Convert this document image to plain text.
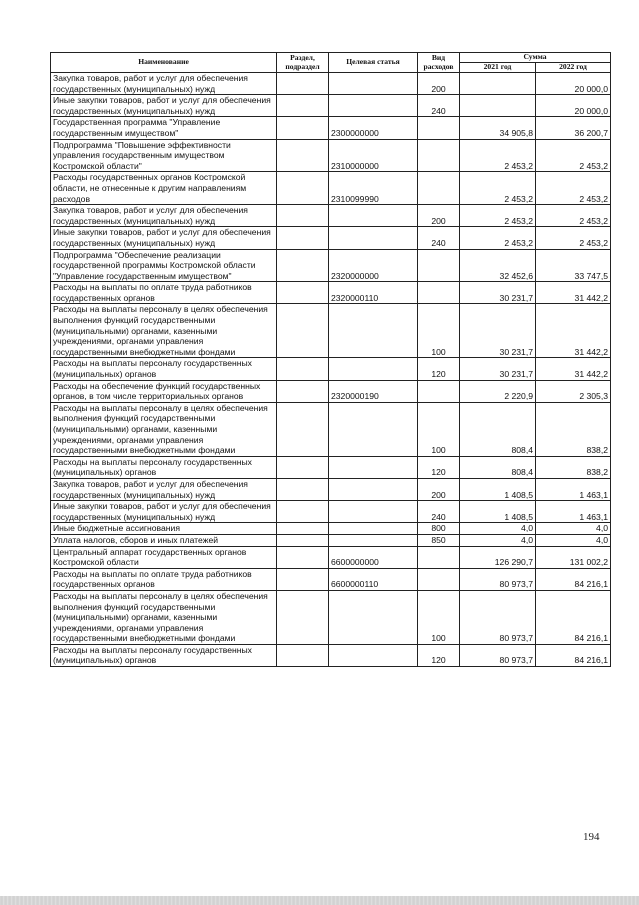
Наименование	Раздел, подраздел	Целевая статья	Вид расходов	Сумма	
				2021 год	2022 год
Закупка товаров, работ и услуг для обеспечения государственных (муниципальных) нужд			200		20 000,0
Иные закупки товаров, работ и услуг для обеспечения государственных (муниципальных) нужд			240		20 000,0
Государственная программа "Управление государственным имуществом"		2300000000		34 905,8	36 200,7
Подпрограмма "Повышение эффективности управления государственным имуществом Костромской области"		2310000000		2 453,2	2 453,2
Расходы государственных органов Костромской области, не отнесенные к другим направлениям расходов		2310099990		2 453,2	2 453,2
Закупка товаров, работ и услуг для обеспечения государственных (муниципальных) нужд			200	2 453,2	2 453,2
Иные закупки товаров, работ и услуг для обеспечения государственных (муниципальных) нужд			240	2 453,2	2 453,2
Подпрограмма "Обеспечение реализации государственной программы Костромской области "Управление государственным имуществом"		2320000000		32 452,6	33 747,5
Расходы на выплаты по оплате труда работников государственных органов		2320000110		30 231,7	31 442,2
Расходы на выплаты персоналу в целях обеспечения выполнения функций государственными (муниципальными) органами, казенными учреждениями, органами управления государственными внебюджетными фондами			100	30 231,7	31 442,2
Расходы на выплаты персоналу государственных (муниципальных) органов			120	30 231,7	31 442,2
Расходы на обеспечение функций государственных органов, в том числе территориальных органов		2320000190		2 220,9	2 305,3
Расходы на выплаты персоналу в целях обеспечения выполнения функций государственными (муниципальными) органами, казенными учреждениями, органами управления государственными внебюджетными фондами			100	808,4	838,2
Расходы на выплаты персоналу государственных (муниципальных) органов			120	808,4	838,2
Закупка товаров, работ и услуг для обеспечения государственных (муниципальных) нужд			200	1 408,5	1 463,1
Иные закупки товаров, работ и услуг для обеспечения государственных (муниципальных) нужд			240	1 408,5	1 463,1
Иные бюджетные ассигнования			800	4,0	4,0
Уплата налогов, сборов и иных платежей			850	4,0	4,0
Центральный аппарат государственных органов Костромской области		6600000000		126 290,7	131 002,2
Расходы на выплаты по оплате труда работников государственных органов		6600000110		80 973,7	84 216,1
Расходы на выплаты персоналу в целях обеспечения выполнения функций государственными (муниципальными) органами, казенными учреждениями, органами управления государственными внебюджетными фондами			100	80 973,7	84 216,1
Расходы на выплаты персоналу государственных (муниципальных) органов			120	80 973,7	84 216,1
194
